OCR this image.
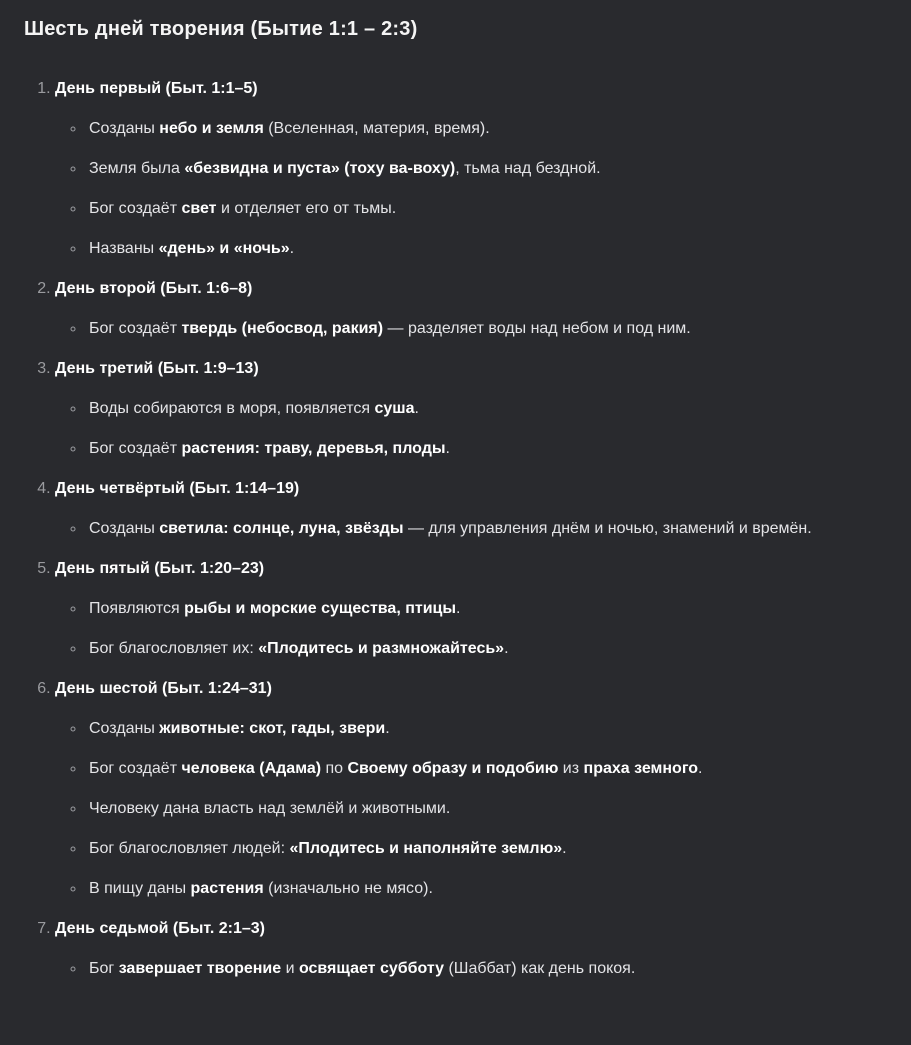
Шесть дней творения (Бытие 1:1 – 2:3)
1. День первый (Быт. 1:1–5)
◦ Созданы небо и земля (Вселенная, материя, время).
◦ Земля была «безвидна и пуста» (тоху ва-воху), тьма над бездной.
◦ Бог создаёт свет и отделяет его от тьмы.
◦ Названы «день» и «ночь».
2. День второй (Быт. 1:6–8)
◦ Бог создаёт твердь (небосвод, ракия) — разделяет воды над небом и под ним.
3. День третий (Быт. 1:9–13)
◦ Воды собираются в моря, появляется суша.
◦ Бог создаёт растения: траву, деревья, плоды.
4. День четвёртый (Быт. 1:14–19)
◦ Созданы светила: солнце, луна, звёзды — для управления днём и ночью, знамений и времён.
5. День пятый (Быт. 1:20–23)
◦ Появляются рыбы и морские существа, птицы.
◦ Бог благословляет их: «Плодитесь и размножайтесь».
6. День шестой (Быт. 1:24–31)
◦ Созданы животные: скот, гады, звери.
◦ Бог создаёт человека (Адама) по Своему образу и подобию из праха земного.
◦ Человеку дана власть над землёй и животными.
◦ Бог благословляет людей: «Плодитесь и наполняйте землю».
◦ В пищу даны растения (изначально не мясо).
7. День седьмой (Быт. 2:1–3)
◦ Бог завершает творение и освящает субботу (Шаббат) как день покоя.
